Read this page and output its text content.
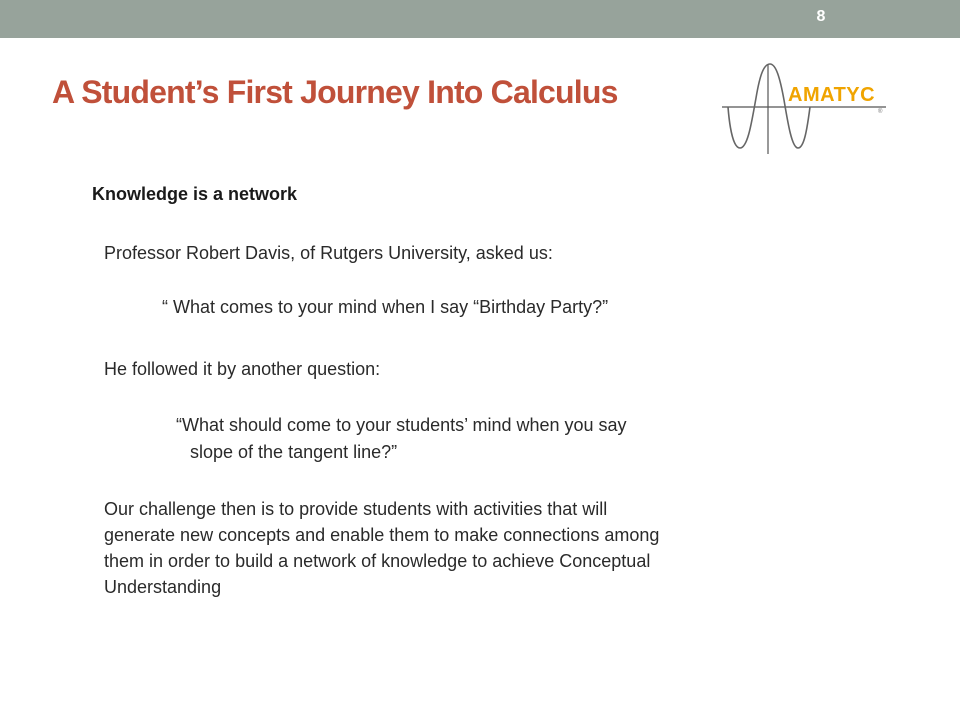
8
A Student’s First Journey Into Calculus	AMATYC
®
Knowledge is a network

Professor Robert Davis, of Rutgers University, asked us:

“ What comes to your mind when I say “Birthday Party?”

He followed it by another question:

“What should come to your students’ mind when you say

slope of the tangent line?”

Our challenge then is to provide students with activities that will
generate new concepts and enable them to make connections among
them in order to build a network of knowledge to achieve Conceptual
Understanding
